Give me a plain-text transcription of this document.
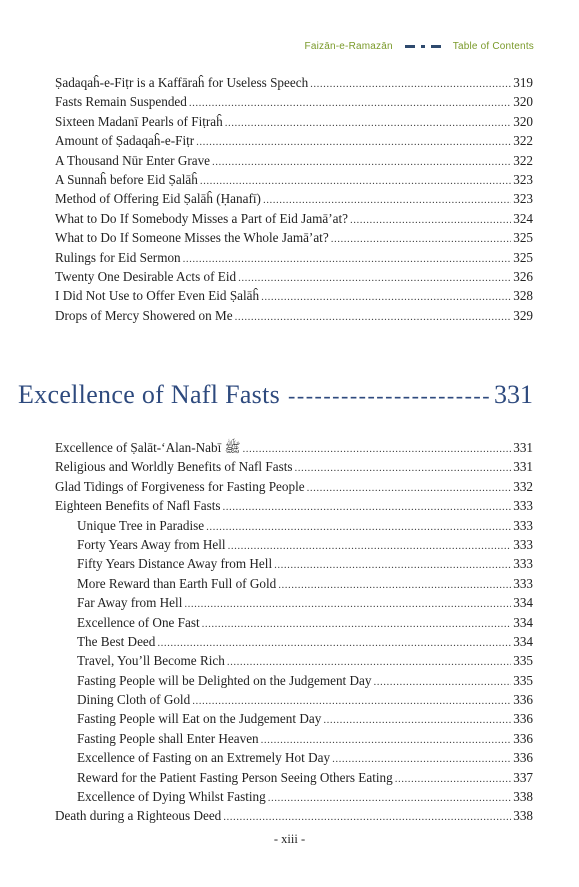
Faizān-e-Ramazān	Table of Contents
Ṣadaqaĥ-e-Fiṭr is a Kaffāraĥ for Useless Speech .....	319
Fasts Remain Suspended .....	320
Sixteen Madanī Pearls of Fiṭraĥ .....	320
Amount of Ṣadaqaĥ-e-Fiṭr .....	322
A Thousand Nūr Enter Grave .....	322
A Sunnaĥ before Eid Ṣalāĥ .....	323
Method of Offering Eid Ṣalāĥ (Ḥanafī) .....	323
What to Do If Somebody Misses a Part of Eid Jamā’at? .....	324
What to Do If Someone Misses the Whole Jamā’at? .....	325
Rulings for Eid Sermon .....	325
Twenty One Desirable Acts of Eid .....	326
I Did Not Use to Offer Even Eid Ṣalāĥ .....	328
Drops of Mercy Showered on Me .....	329
Excellence of Nafl Fasts -----	331
Excellence of Ṣalāt-‘Alan-Nabī ﷺ .....	331
Religious and Worldly Benefits of Nafl Fasts .....	331
Glad Tidings of Forgiveness for Fasting People .....	332
Eighteen Benefits of Nafl Fasts .....	333
Unique Tree in Paradise .....	333
Forty Years Away from Hell .....	333
Fifty Years Distance Away from Hell .....	333
More Reward than Earth Full of Gold .....	333
Far Away from Hell .....	334
Excellence of One Fast .....	334
The Best Deed .....	334
Travel, You’ll Become Rich .....	335
Fasting People will be Delighted on the Judgement Day .....	335
Dining Cloth of Gold .....	336
Fasting People will Eat on the Judgement Day .....	336
Fasting People shall Enter Heaven .....	336
Excellence of Fasting on an Extremely Hot Day .....	336
Reward for the Patient Fasting Person Seeing Others Eating .....	337
Excellence of Dying Whilst Fasting .....	338
Death during a Righteous Deed .....	338
- xiii -
